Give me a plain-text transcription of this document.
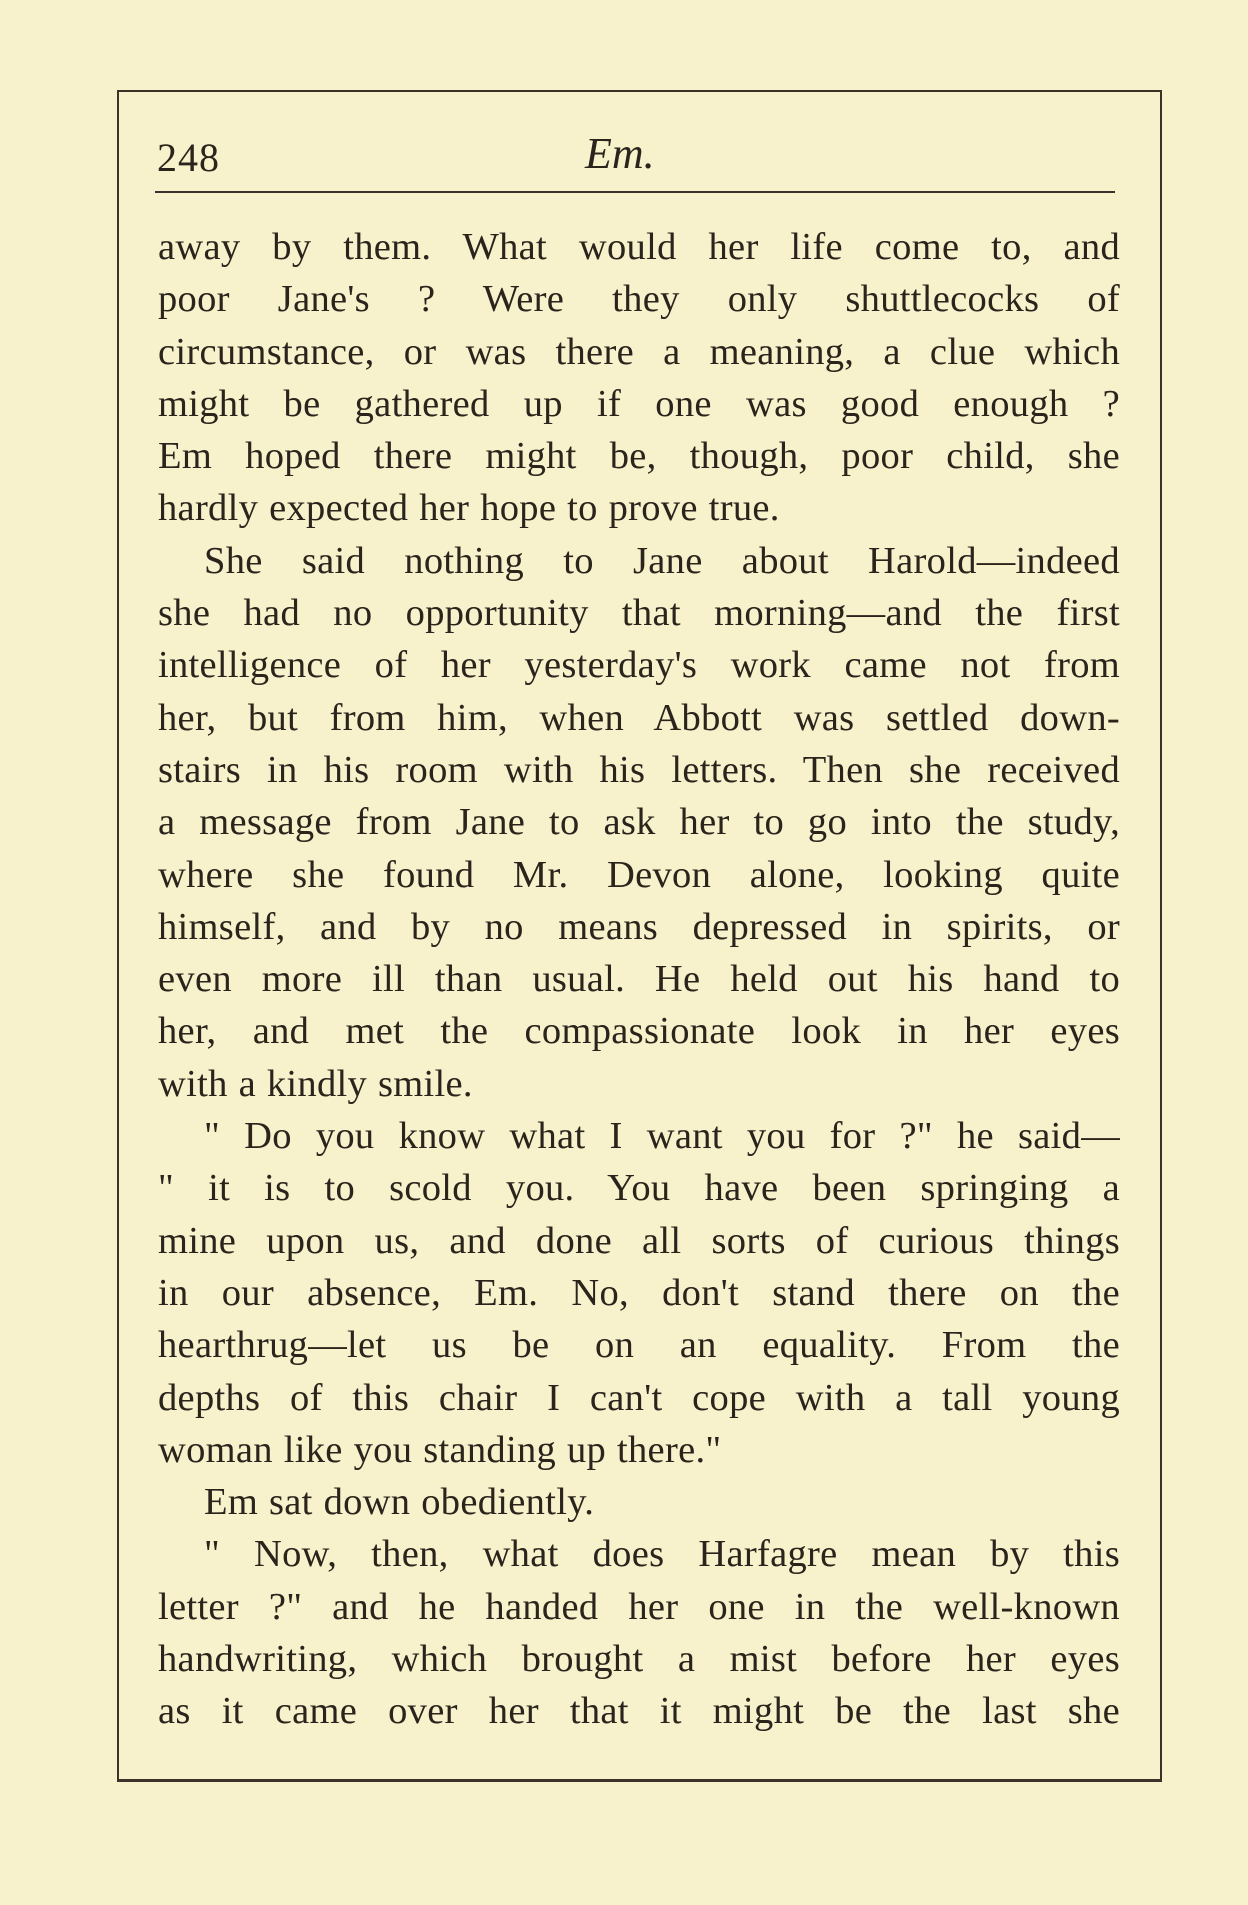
248	Em.
away by them. What would her life come to, and
poor Jane's ? Were they only shuttlecocks of
circumstance, or was there a meaning, a clue which
might be gathered up if one was good enough ?
Em hoped there might be, though, poor child, she
hardly expected her hope to prove true.
She said nothing to Jane about Harold—indeed
she had no opportunity that morning—and the first
intelligence of her yesterday's work came not from
her, but from him, when Abbott was settled down-
stairs in his room with his letters. Then she received
a message from Jane to ask her to go into the study,
where she found Mr. Devon alone, looking quite
himself, and by no means depressed in spirits, or
even more ill than usual. He held out his hand to
her, and met the compassionate look in her eyes
with a kindly smile.
" Do you know what I want you for ?" he said—
" it is to scold you. You have been springing a
mine upon us, and done all sorts of curious things
in our absence, Em. No, don't stand there on the
hearthrug—let us be on an equality. From the
depths of this chair I can't cope with a tall young
woman like you standing up there."
Em sat down obediently.
" Now, then, what does Harfagre mean by this
letter ?" and he handed her one in the well-known
handwriting, which brought a mist before her eyes
as it came over her that it might be the last she
